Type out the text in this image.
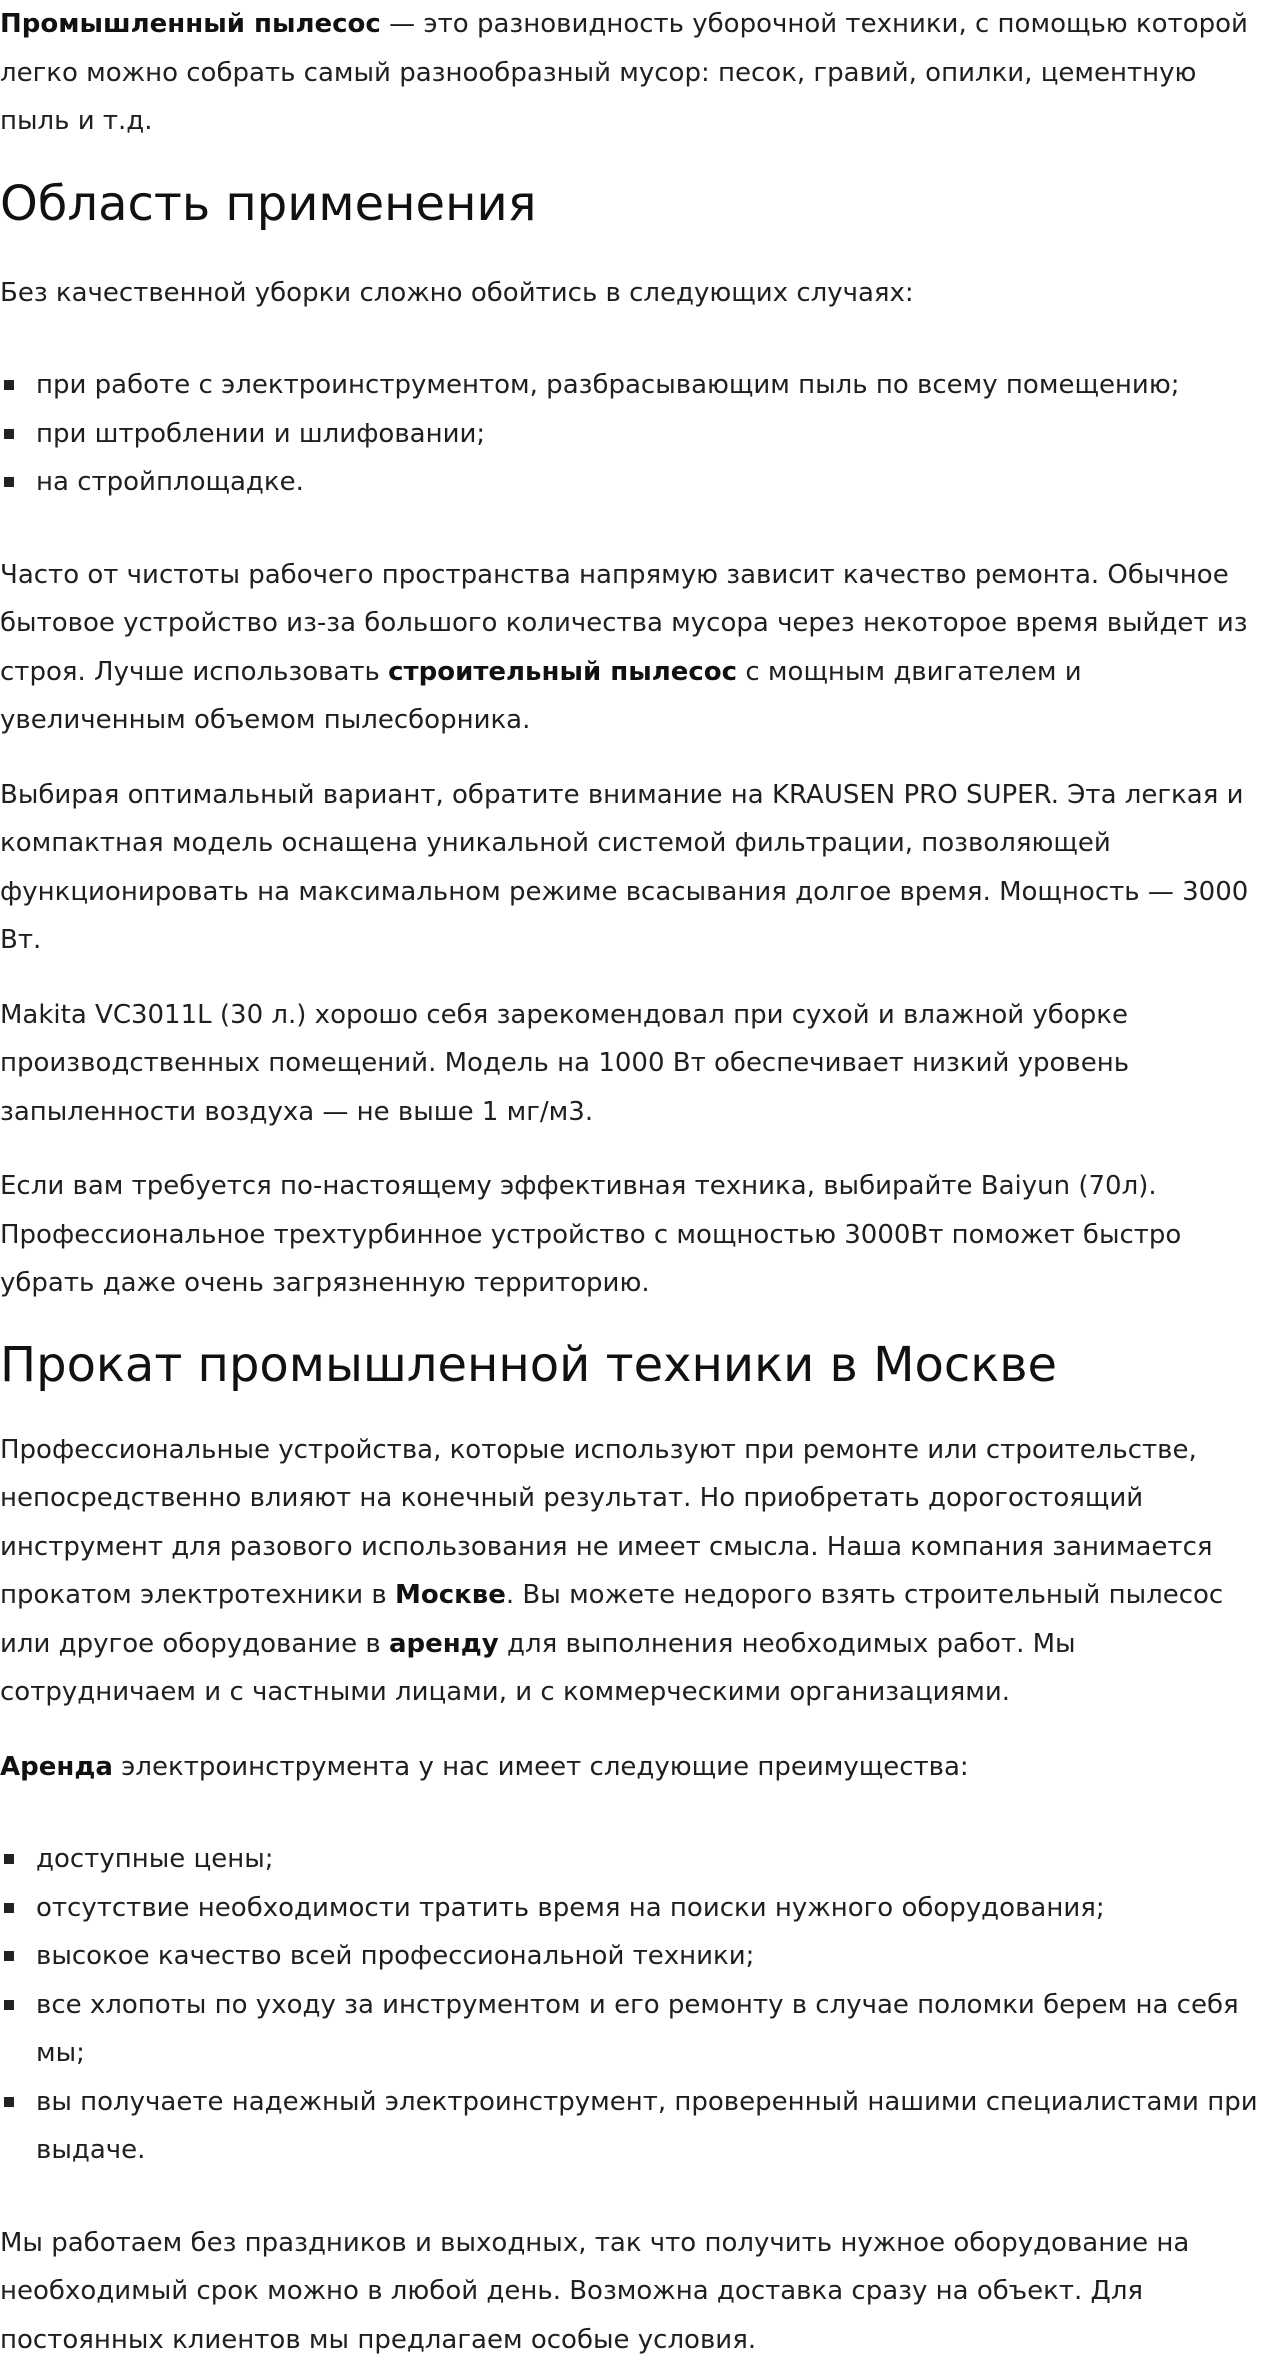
Промышленный пылесос — это разновидность уборочной техники, с помощью которой легко можно собрать самый разнообразный мусор: песок, гравий, опилки, цементную пыль и т.д.

Область применения

Без качественной уборки сложно обойтись в следующих случаях:

при работе с электроинструментом, разбрасывающим пыль по всему помещению;
при штроблении и шлифовании;
на стройплощадке.

Часто от чистоты рабочего пространства напрямую зависит качество ремонта. Обычное бытовое устройство из-за большого количества мусора через некоторое время выйдет из строя. Лучше использовать строительный пылесос с мощным двигателем и увеличенным объемом пылесборника.

Выбирая оптимальный вариант, обратите внимание на KRAUSEN PRO SUPER. Эта легкая и компактная модель оснащена уникальной системой фильтрации, позволяющей функционировать на максимальном режиме всасывания долгое время. Мощность — 3000 Вт.

Makita VC3011L (30 л.) хорошо себя зарекомендовал при сухой и влажной уборке производственных помещений. Модель на 1000 Вт обеспечивает низкий уровень запыленности воздуха — не выше 1 мг/м3.

Если вам требуется по-настоящему эффективная техника, выбирайте Baiyun (70л). Профессиональное трехтурбинное устройство с мощностью 3000Вт поможет быстро убрать даже очень загрязненную территорию.

Прокат промышленной техники в Москве

Профессиональные устройства, которые используют при ремонте или строительстве, непосредственно влияют на конечный результат. Но приобретать дорогостоящий инструмент для разового использования не имеет смысла. Наша компания занимается прокатом электротехники в Москве. Вы можете недорого взять строительный пылесос или другое оборудование в аренду для выполнения необходимых работ. Мы сотрудничаем и с частными лицами, и с коммерческими организациями.

Аренда электроинструмента у нас имеет следующие преимущества:

доступные цены;
отсутствие необходимости тратить время на поиски нужного оборудования;
высокое качество всей профессиональной техники;
все хлопоты по уходу за инструментом и его ремонту в случае поломки берем на себя мы;
вы получаете надежный электроинструмент, проверенный нашими специалистами при выдаче.

Мы работаем без праздников и выходных, так что получить нужное оборудование на необходимый срок можно в любой день. Возможна доставка сразу на объект. Для постоянных клиентов мы предлагаем особые условия.
